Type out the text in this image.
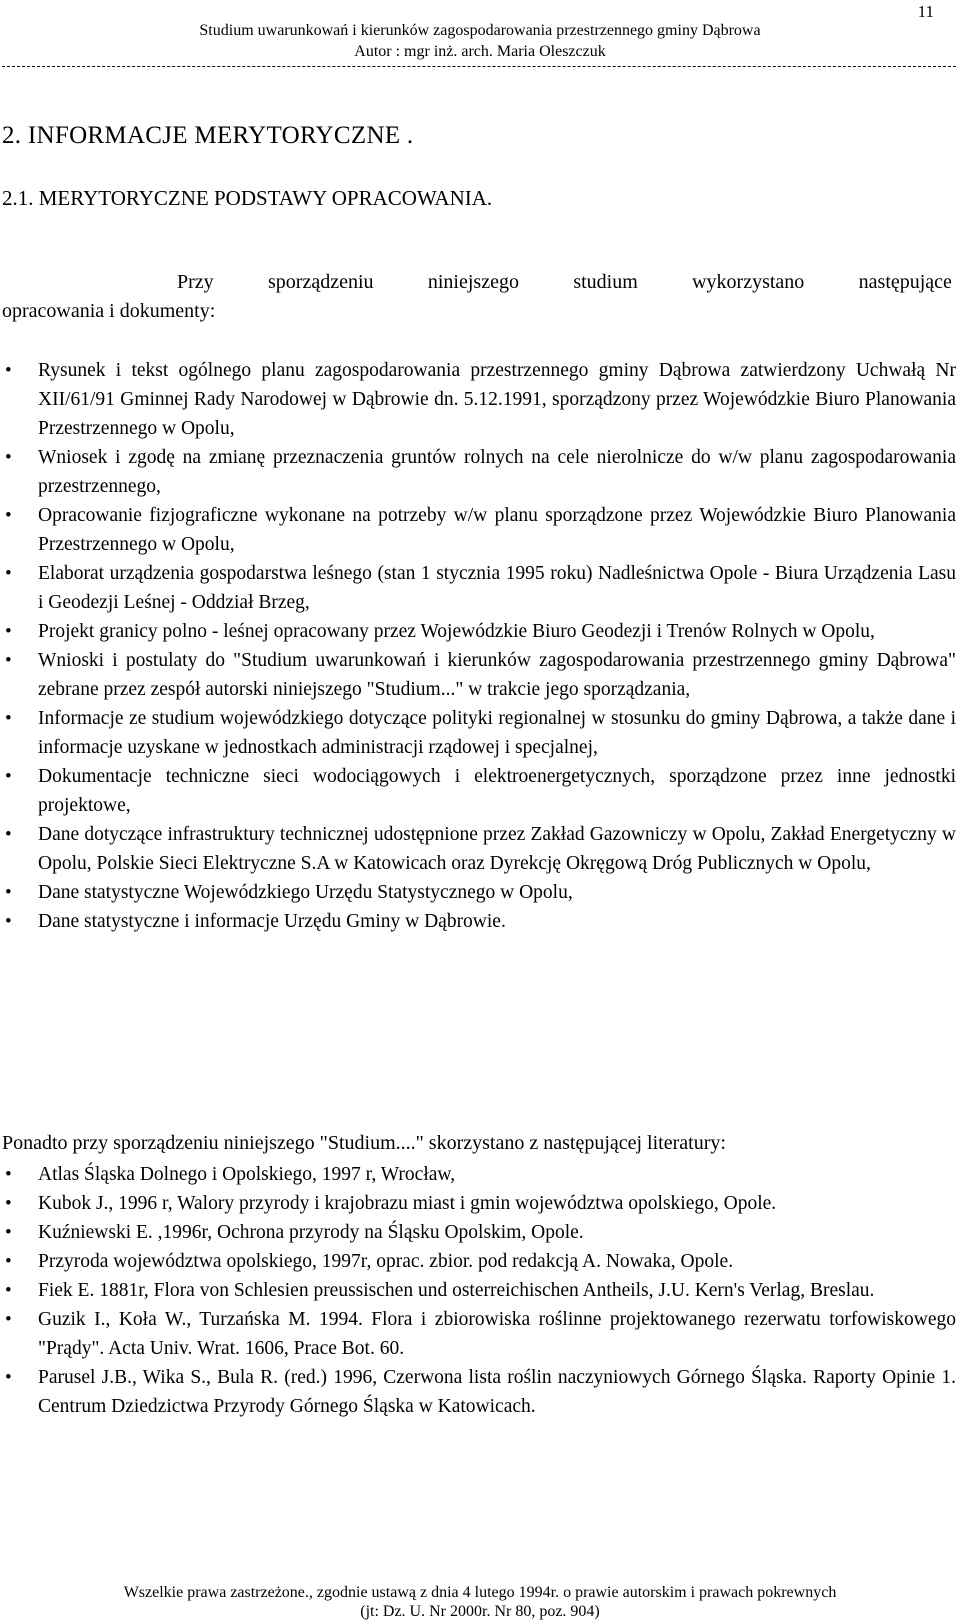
11
Studium uwarunkowań i kierunków zagospodarowania przestrzennego gminy Dąbrowa
Autor : mgr inż. arch. Maria Oleszczuk
2. INFORMACJE MERYTORYCZNE .
2.1. MERYTORYCZNE PODSTAWY OPRACOWANIA.
Przy	sporządzeniu	niniejszego	studium	wykorzystano	następujące
opracowania i dokumenty:
• Rysunek i tekst ogólnego planu zagospodarowania przestrzennego gminy Dąbrowa zatwierdzony Uchwałą Nr XII/61/91 Gminnej Rady Narodowej w Dąbrowie dn. 5.12.1991, sporządzony przez Wojewódzkie Biuro Planowania Przestrzennego w Opolu,
• Wniosek i zgodę na zmianę przeznaczenia gruntów rolnych na cele nierolnicze do w/w planu zagospodarowania przestrzennego,
• Opracowanie fizjograficzne wykonane na potrzeby w/w planu sporządzone przez Wojewódzkie Biuro Planowania Przestrzennego w Opolu,
• Elaborat urządzenia gospodarstwa leśnego (stan 1 stycznia 1995 roku) Nadleśnictwa Opole - Biura Urządzenia Lasu i Geodezji Leśnej - Oddział Brzeg,
• Projekt granicy polno - leśnej opracowany przez Wojewódzkie Biuro Geodezji i Trenów Rolnych w Opolu,
• Wnioski i postulaty do "Studium uwarunkowań i kierunków zagospodarowania przestrzennego gminy Dąbrowa" zebrane przez zespół autorski niniejszego "Studium..." w trakcie jego sporządzania,
• Informacje ze studium wojewódzkiego dotyczące polityki regionalnej w stosunku do gminy Dąbrowa, a także dane i informacje uzyskane w jednostkach administracji rządowej i specjalnej,
• Dokumentacje techniczne sieci wodociągowych i elektroenergetycznych, sporządzone przez inne jednostki projektowe,
• Dane dotyczące infrastruktury technicznej udostępnione przez Zakład Gazowniczy w Opolu, Zakład Energetyczny w Opolu, Polskie Sieci Elektryczne S.A w Katowicach oraz Dyrekcję Okręgową Dróg Publicznych w Opolu,
• Dane statystyczne Wojewódzkiego Urzędu Statystycznego w Opolu,
• Dane statystyczne i informacje Urzędu Gminy w Dąbrowie.
Ponadto przy sporządzeniu niniejszego "Studium...." skorzystano z następującej literatury:
• Atlas Śląska Dolnego i Opolskiego, 1997 r, Wrocław,
• Kubok J., 1996 r, Walory przyrody i krajobrazu miast i gmin województwa opolskiego, Opole.
• Kuźniewski E. ,1996r, Ochrona przyrody na Śląsku Opolskim, Opole.
• Przyroda województwa opolskiego, 1997r, oprac. zbior. pod redakcją A. Nowaka, Opole.
• Fiek E. 1881r, Flora von Schlesien preussischen und osterreichischen Antheils, J.U. Kern's Verlag, Breslau.
• Guzik I., Koła W., Turzańska M. 1994. Flora i zbiorowiska roślinne projektowanego rezerwatu torfowiskowego "Prądy". Acta Univ. Wrat. 1606, Prace Bot. 60.
• Parusel J.B., Wika S., Bula R. (red.) 1996, Czerwona lista roślin naczyniowych Górnego Śląska. Raporty Opinie 1. Centrum Dziedzictwa Przyrody Górnego Śląska w Katowicach.
Wszelkie prawa zastrzeżone., zgodnie ustawą z dnia 4 lutego 1994r. o prawie autorskim i prawach pokrewnych
(jt: Dz. U. Nr 2000r. Nr 80, poz. 904)
